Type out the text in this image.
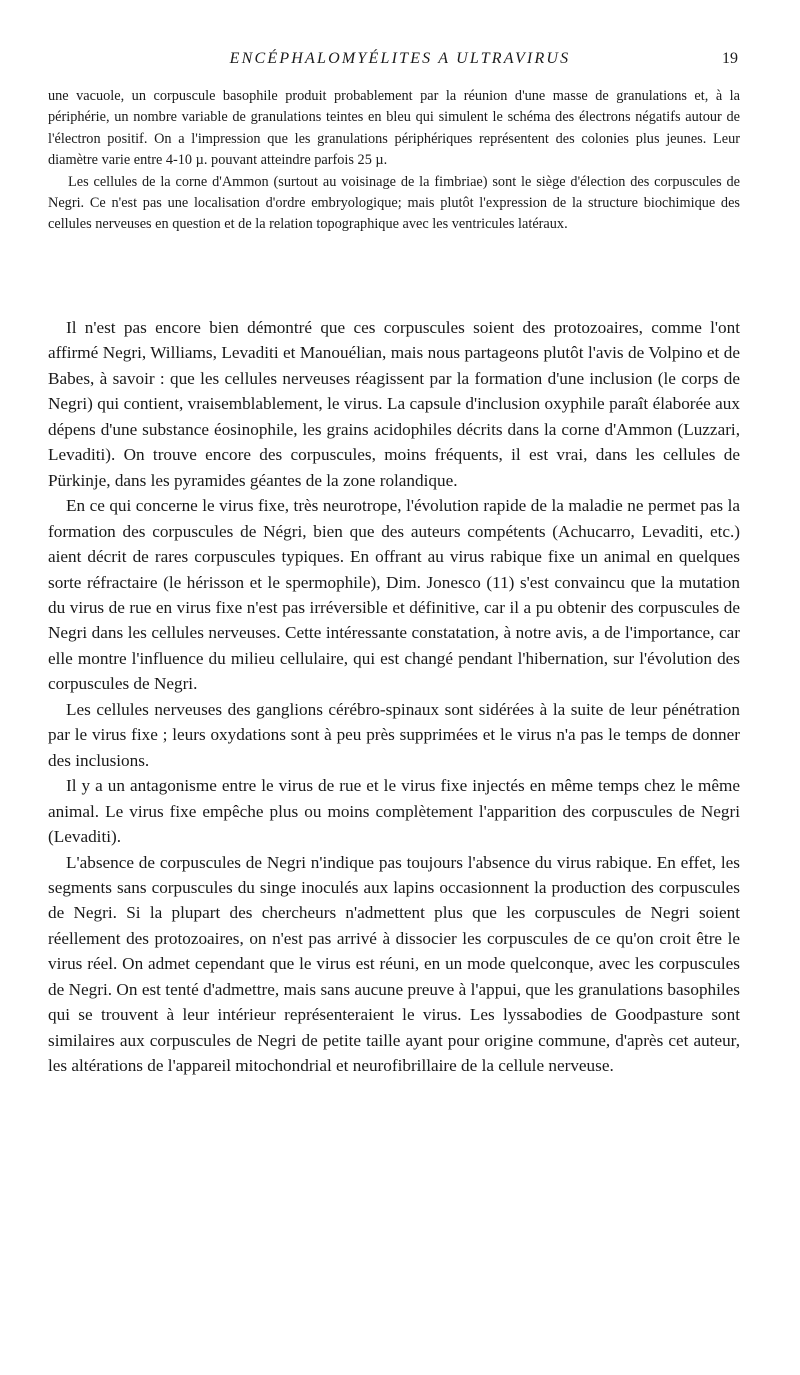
ENCÉPHALOMYÉLITES A ULTRAVIRUS	19

une vacuole, un corpuscule basophile produit probablement par la réunion d'une masse de granulations et, à la périphérie, un nombre variable de granulations teintes en bleu qui simulent le schéma des électrons négatifs autour de l'électron positif. On a l'impression que les granulations périphériques représentent des colonies plus jeunes. Leur diamètre varie entre 4-10 µ. pouvant atteindre parfois 25 µ.

Les cellules de la corne d'Ammon (surtout au voisinage de la fimbriae) sont le siège d'élection des corpuscules de Negri. Ce n'est pas une localisation d'ordre embryologique; mais plutôt l'expression de la structure biochimique des cellules nerveuses en question et de la relation topographique avec les ventricules latéraux.

Il n'est pas encore bien démontré que ces corpuscules soient des protozoaires, comme l'ont affirmé Negri, Williams, Levaditi et Manouélian, mais nous partageons plutôt l'avis de Volpino et de Babes, à savoir : que les cellules nerveuses réagissent par la formation d'une inclusion (le corps de Negri) qui contient, vraisemblablement, le virus. La capsule d'inclusion oxyphile paraît élaborée aux dépens d'une substance éosinophile, les grains acidophiles décrits dans la corne d'Ammon (Luzzari, Levaditi). On trouve encore des corpuscules, moins fréquents, il est vrai, dans les cellules de Pürkinje, dans les pyramides géantes de la zone rolandique.

En ce qui concerne le virus fixe, très neurotrope, l'évolution rapide de la maladie ne permet pas la formation des corpuscules de Négri, bien que des auteurs compétents (Achucarro, Levaditi, etc.) aient décrit de rares corpuscules typiques. En offrant au virus rabique fixe un animal en quelques sorte réfractaire (le hérisson et le spermophile), Dim. Jonesco (11) s'est convaincu que la mutation du virus de rue en virus fixe n'est pas irréversible et définitive, car il a pu obtenir des corpuscules de Negri dans les cellules nerveuses. Cette intéressante constatation, à notre avis, a de l'importance, car elle montre l'influence du milieu cellulaire, qui est changé pendant l'hibernation, sur l'évolution des corpuscules de Negri.

Les cellules nerveuses des ganglions cérébro-spinaux sont sidérées à la suite de leur pénétration par le virus fixe ; leurs oxydations sont à peu près supprimées et le virus n'a pas le temps de donner des inclusions.

Il y a un antagonisme entre le virus de rue et le virus fixe injectés en même temps chez le même animal. Le virus fixe empêche plus ou moins complètement l'apparition des corpuscules de Negri (Levaditi).

L'absence de corpuscules de Negri n'indique pas toujours l'absence du virus rabique. En effet, les segments sans corpuscules du singe inoculés aux lapins occasionnent la production des corpuscules de Negri. Si la plupart des chercheurs n'admettent plus que les corpuscules de Negri soient réellement des protozoaires, on n'est pas arrivé à dissocier les corpuscules de ce qu'on croit être le virus réel. On admet cependant que le virus est réuni, en un mode quelconque, avec les corpuscules de Negri. On est tenté d'admettre, mais sans aucune preuve à l'appui, que les granulations basophiles qui se trouvent à leur intérieur représenteraient le virus. Les lyssabodies de Goodpasture sont similaires aux corpuscules de Negri de petite taille ayant pour origine commune, d'après cet auteur, les altérations de l'appareil mitochondrial et neurofibrillaire de la cellule nerveuse.
